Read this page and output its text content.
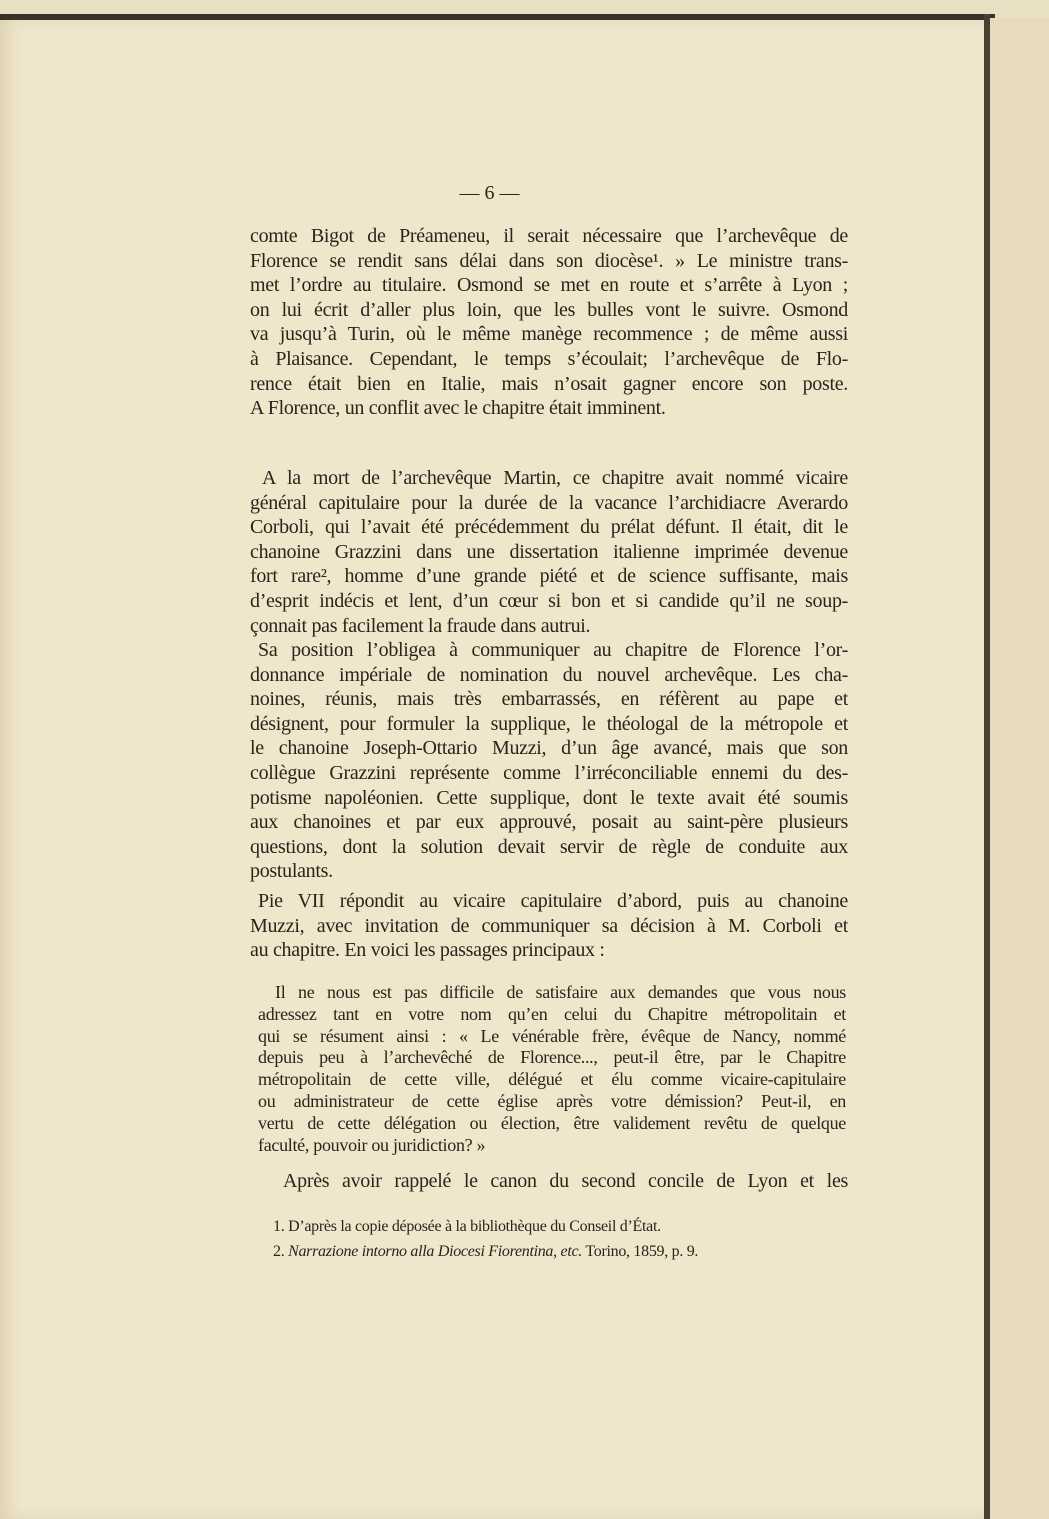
— 6 —
comte Bigot de Préameneu, il serait nécessaire que l’archevêque de
Florence se rendit sans délai dans son diocèse¹. » Le ministre trans-
met l’ordre au titulaire. Osmond se met en route et s’arrête à Lyon ;
on lui écrit d’aller plus loin, que les bulles vont le suivre. Osmond
va jusqu’à Turin, où le même manège recommence ; de même aussi
à Plaisance. Cependant, le temps s’écoulait; l’archevêque de Flo-
rence était bien en Italie, mais n’osait gagner encore son poste.
A Florence, un conflit avec le chapitre était imminent.
A la mort de l’archevêque Martin, ce chapitre avait nommé vicaire
général capitulaire pour la durée de la vacance l’archidiacre Averardo
Corboli, qui l’avait été précédemment du prélat défunt. Il était, dit le
chanoine Grazzini dans une dissertation italienne imprimée devenue
fort rare², homme d’une grande piété et de science suffisante, mais
d’esprit indécis et lent, d’un cœur si bon et si candide qu’il ne soup-
çonnait pas facilement la fraude dans autrui.
Sa position l’obligea à communiquer au chapitre de Florence l’or-
donnance impériale de nomination du nouvel archevêque. Les cha-
noines, réunis, mais très embarrassés, en réfèrent au pape et
désignent, pour formuler la supplique, le théologal de la métropole et
le chanoine Joseph-Ottario Muzzi, d’un âge avancé, mais que son
collègue Grazzini représente comme l’irréconciliable ennemi du des-
potisme napoléonien. Cette supplique, dont le texte avait été soumis
aux chanoines et par eux approuvé, posait au saint-père plusieurs
questions, dont la solution devait servir de règle de conduite aux
postulants.
Pie VII répondit au vicaire capitulaire d’abord, puis au chanoine
Muzzi, avec invitation de communiquer sa décision à M. Corboli et
au chapitre. En voici les passages principaux :
Il ne nous est pas difficile de satisfaire aux demandes que vous nous
adressez tant en votre nom qu’en celui du Chapitre métropolitain et
qui se résument ainsi : « Le vénérable frère, évêque de Nancy, nommé
depuis peu à l’archevêché de Florence..., peut-il être, par le Chapitre
métropolitain de cette ville, délégué et élu comme vicaire-capitulaire
ou administrateur de cette église après votre démission? Peut-il, en
vertu de cette délégation ou élection, être validement revêtu de quelque
faculté, pouvoir ou juridiction? »
Après avoir rappelé le canon du second concile de Lyon et les
1. D’après la copie déposée à la bibliothèque du Conseil d’État.
2. Narrazione intorno alla Diocesi Fiorentina, etc. Torino, 1859, p. 9.
